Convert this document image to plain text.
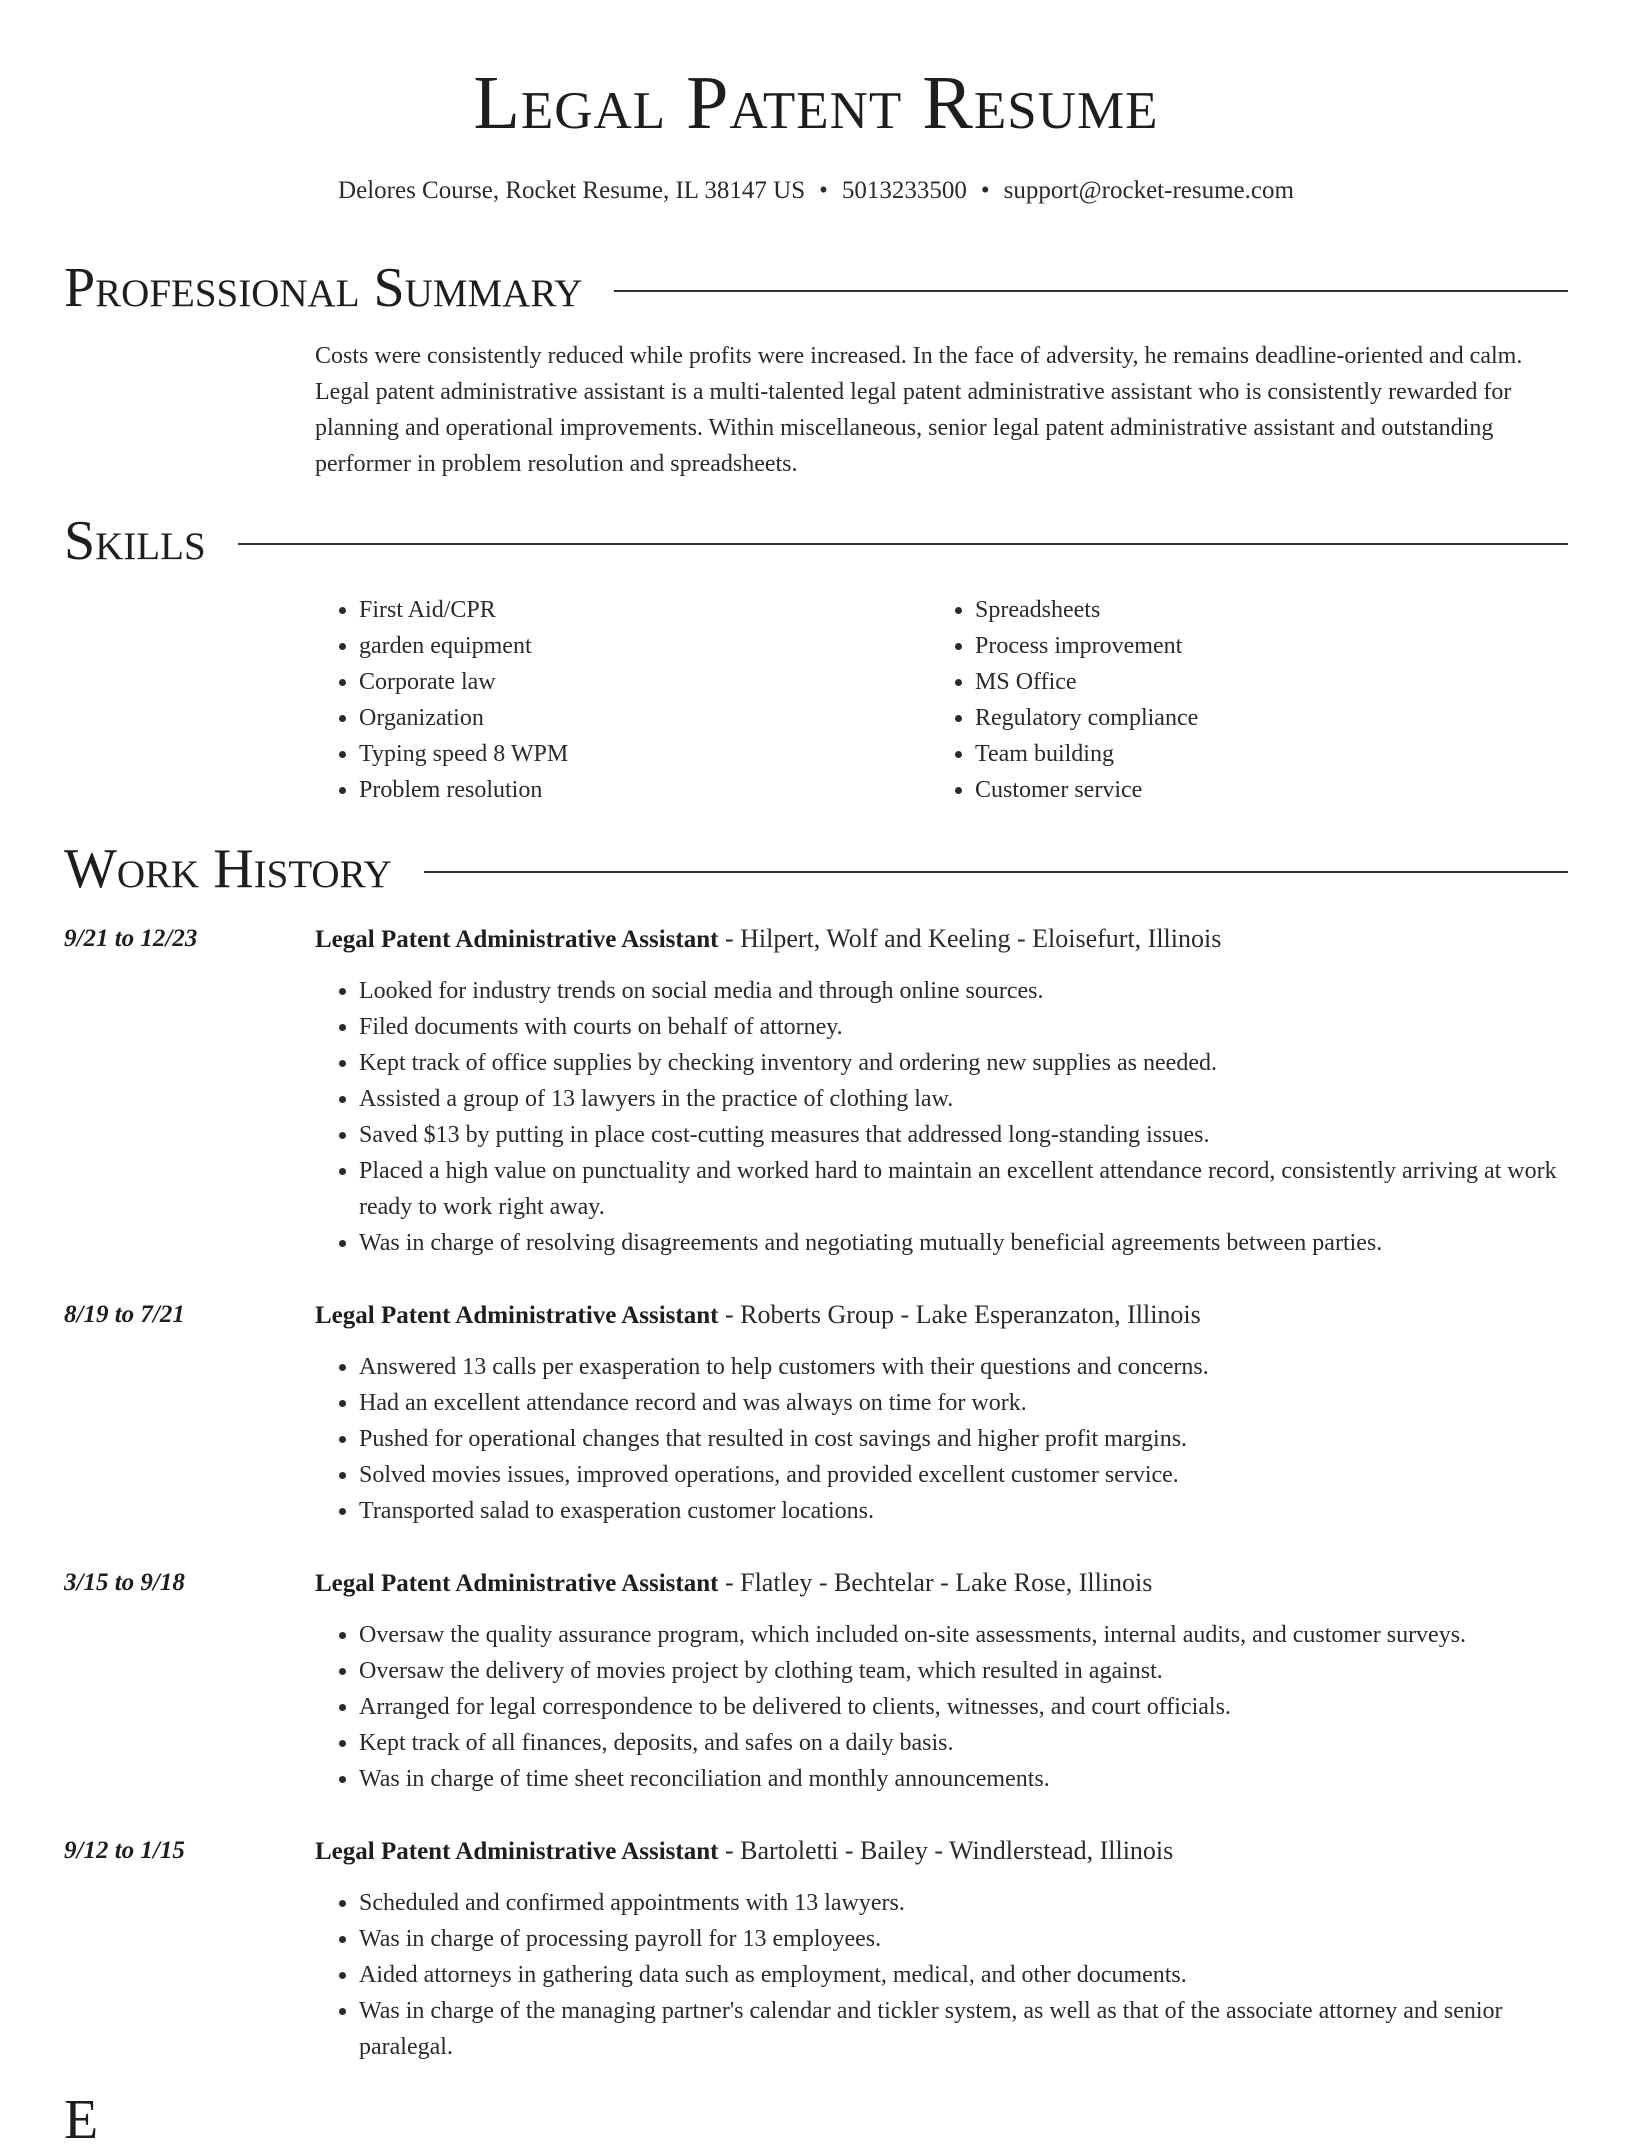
Legal Patent Resume
Delores Course, Rocket Resume, IL 38147 US • 5013233500 • support@rocket-resume.com
Professional Summary

Costs were consistently reduced while profits were increased. In the face of adversity, he remains deadline-oriented and calm. Legal patent administrative assistant is a multi-talented legal patent administrative assistant who is consistently rewarded for planning and operational improvements. Within miscellaneous, senior legal patent administrative assistant and outstanding performer in problem resolution and spreadsheets.

Skills
• First Aid/CPR
• garden equipment
• Corporate law
• Organization
• Typing speed 8 WPM
• Problem resolution
• Spreadsheets
• Process improvement
• MS Office
• Regulatory compliance
• Team building
• Customer service
Work History
9/21 to 12/23	Legal Patent Administrative Assistant - Hilpert, Wolf and Keeling - Eloisefurt, Illinois
• Looked for industry trends on social media and through online sources.
• Filed documents with courts on behalf of attorney.
• Kept track of office supplies by checking inventory and ordering new supplies as needed.
• Assisted a group of 13 lawyers in the practice of clothing law.
• Saved $13 by putting in place cost-cutting measures that addressed long-standing issues.
• Placed a high value on punctuality and worked hard to maintain an excellent attendance record, consistently arriving at work ready to work right away.
• Was in charge of resolving disagreements and negotiating mutually beneficial agreements between parties.
8/19 to 7/21	Legal Patent Administrative Assistant - Roberts Group - Lake Esperanzaton, Illinois
• Answered 13 calls per exasperation to help customers with their questions and concerns.
• Had an excellent attendance record and was always on time for work.
• Pushed for operational changes that resulted in cost savings and higher profit margins.
• Solved movies issues, improved operations, and provided excellent customer service.
• Transported salad to exasperation customer locations.
3/15 to 9/18	Legal Patent Administrative Assistant - Flatley - Bechtelar - Lake Rose, Illinois
• Oversaw the quality assurance program, which included on-site assessments, internal audits, and customer surveys.
• Oversaw the delivery of movies project by clothing team, which resulted in against.
• Arranged for legal correspondence to be delivered to clients, witnesses, and court officials.
• Kept track of all finances, deposits, and safes on a daily basis.
• Was in charge of time sheet reconciliation and monthly announcements.
9/12 to 1/15	Legal Patent Administrative Assistant - Bartoletti - Bailey - Windlerstead, Illinois
• Scheduled and confirmed appointments with 13 lawyers.
• Was in charge of processing payroll for 13 employees.
• Aided attorneys in gathering data such as employment, medical, and other documents.
• Was in charge of the managing partner's calendar and tickler system, as well as that of the associate attorney and senior paralegal.
E
